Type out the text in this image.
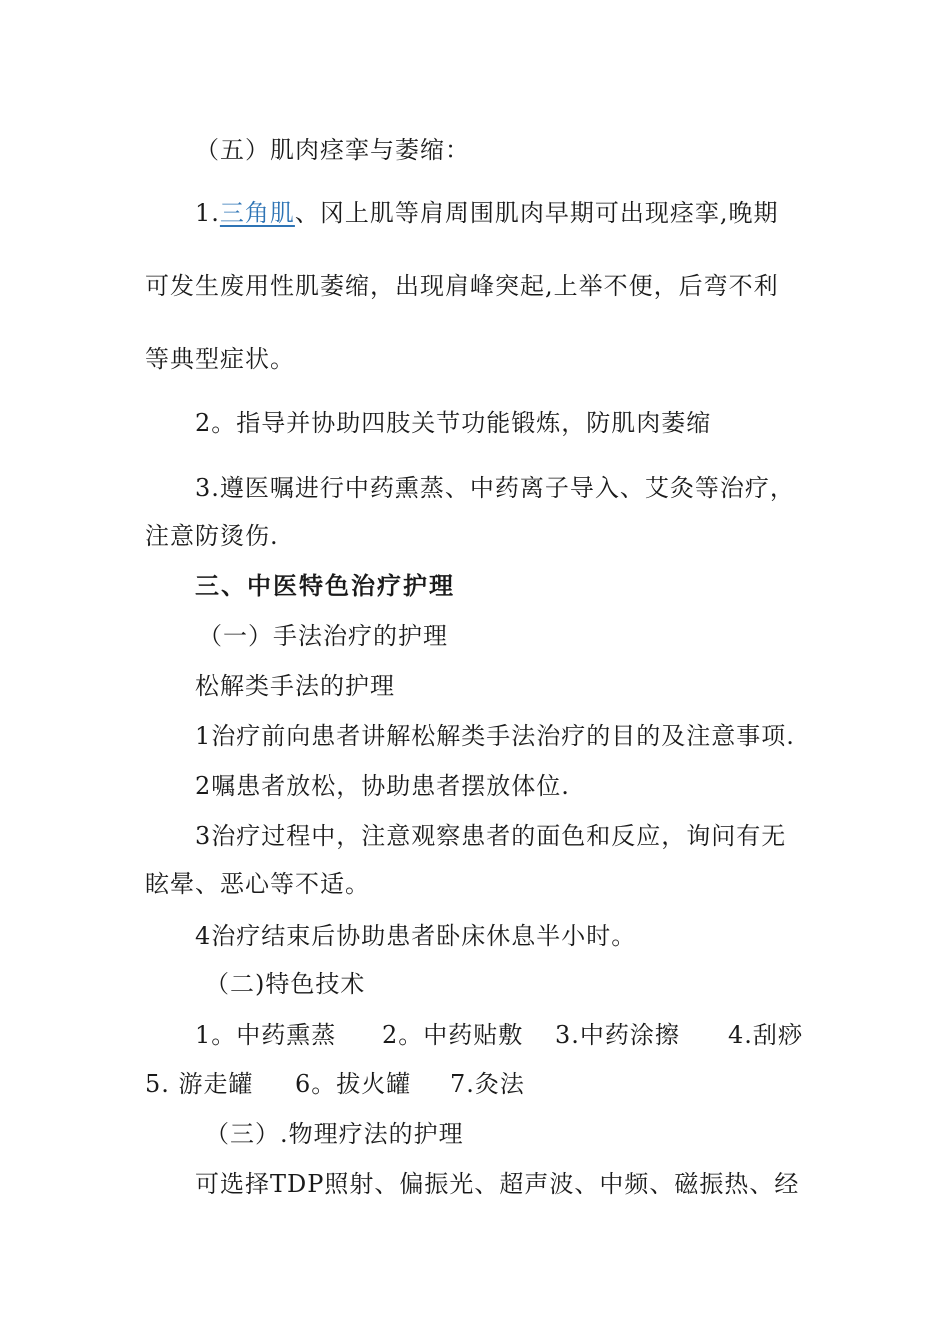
（五）肌肉痉挛与萎缩：
1.三角肌、冈上肌等肩周围肌肉早期可出现痉挛,晚期
可发生废用性肌萎缩，出现肩峰突起,上举不便，后弯不利
等典型症状。
2。指导并协助四肢关节功能锻炼，防肌肉萎缩
3.遵医嘱进行中药熏蒸、中药离子导入、艾灸等治疗，
注意防烫伤.
三、中医特色治疗护理
（一）手法治疗的护理
松解类手法的护理
1治疗前向患者讲解松解类手法治疗的目的及注意事项.
2嘱患者放松，协助患者摆放体位.
3治疗过程中，注意观察患者的面色和反应，询问有无
眩晕、恶心等不适。
4治疗结束后协助患者卧床休息半小时。
（二)特色技术
1。中药熏蒸 2。中药贴敷 3.中药涂擦 4.刮痧
5. 游走罐 6。拔火罐 7.灸法
（三）.物理疗法的护理
可选择TDP照射、偏振光、超声波、中频、磁振热、经
